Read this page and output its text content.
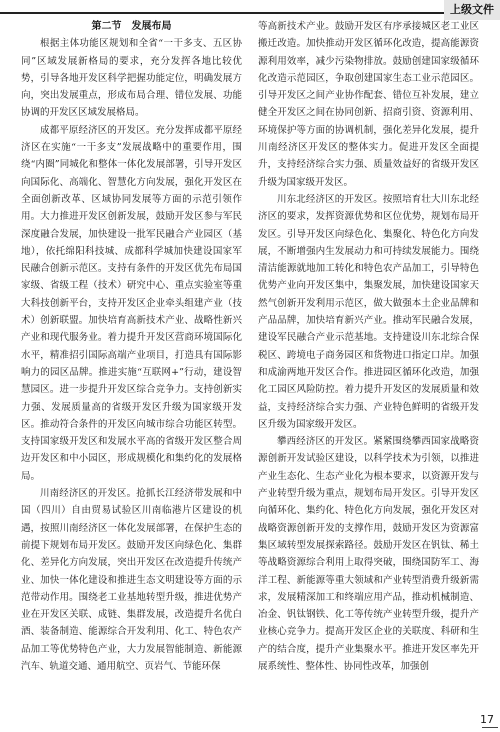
上级文件
第二节　发展布局

根据主体功能区规划和全省“一干多支、五区协同”区域发展新格局的要求，充分发挥各地比较优势，引导各地开发区科学把握功能定位，明确发展方向，突出发展重点，形成布局合理、错位发展、功能协调的开发区区域发展格局。

成都平原经济区的开发区。充分发挥成都平原经济区在实施“一干多支”发展战略中的重要作用，围绕“内圈”同城化和整体一体化发展部署，引导开发区向国际化、高端化、智慧化方向发展，强化开发区在全面创新改革、区域协同发展等方面的示范引领作用。大力推进开发区创新发展，鼓励开发区参与军民深度融合发展，加快建设一批军民融合产业园区（基地），依托绵阳科技城、成都科学城加快建设国家军民融合创新示范区。支持有条件的开发区优先布局国家级、省级工程（技术）研究中心、重点实验室等重大科技创新平台，支持开发区企业牵头组建产业（技术）创新联盟。加快培育高新技术产业、战略性新兴产业和现代服务业。着力提升开发区营商环境国际化水平，精准招引国际高端产业项目，打造具有国际影响力的园区品牌。推进实施“互联网+”行动，建设智慧园区。进一步提升开发区综合竞争力。支持创新实力强、发展质量高的省级开发区升级为国家级开发区。推动符合条件的开发区向城市综合功能区转型。支持国家级开发区和发展水平高的省级开发区整合周边开发区和中小园区，形成规模化和集约化的发展格局。

川南经济区的开发区。抢抓长江经济带发展和中国（四川）自由贸易试验区川南临港片区建设的机遇，按照川南经济区一体化发展部署，在保护生态的前提下规划布局开发区。鼓励开发区向绿色化、集群化、差异化方向发展，突出开发区在改造提升传统产业、加快一体化建设和推进生态文明建设等方面的示范带动作用。围绕老工业基地转型升级，推进优势产业在开发区关联、成链、集群发展，改造提升名优白酒、装备制造、能源综合开发利用、化工、特色农产品加工等优势特色产业，大力发展智能制造、新能源汽车、轨道交通、通用航空、页岩气、节能环保

等高新技术产业。鼓励开发区有序承接城区老工业区搬迁改造。加快推动开发区循环化改造，提高能源资源利用效率，减少污染物排放。鼓励创建国家级循环化改造示范园区，争取创建国家生态工业示范园区。引导开发区之间产业协作配套、错位互补发展，建立健全开发区之间在协同创新、招商引资、资源利用、环境保护等方面的协调机制，强化差异化发展，提升川南经济区开发区的整体实力。促进开发区全面提升，支持经济综合实力强、质量效益好的省级开发区升级为国家级开发区。

川东北经济区的开发区。按照培育壮大川东北经济区的要求，发挥资源优势和区位优势，规划布局开发区。引导开发区向绿色化、集聚化、特色化方向发展，不断增强内生发展动力和可持续发展能力。围绕清洁能源就地加工转化和特色农产品加工，引导特色优势产业向开发区集中，集聚发展，加快建设国家天然气创新开发利用示范区，做大做强本土企业品牌和产品品牌，加快培育新兴产业。推动军民融合发展，建设军民融合产业示范基地。支持建设川东北综合保税区、跨境电子商务园区和货物进口指定口岸。加强和成渝两地开发区合作。推进园区循环化改造，加强化工园区风险防控。着力提升开发区的发展质量和效益，支持经济综合实力强、产业特色鲜明的省级开发区升级为国家级开发区。

攀西经济区的开发区。紧紧围绕攀西国家战略资源创新开发试验区建设，以科学技术为引领，以推进产业生态化、生态产业化为根本要求，以资源开发与产业转型升级为重点，规划布局开发区。引导开发区向循环化、集约化、特色化方向发展，强化开发区对战略资源创新开发的支撑作用，鼓励开发区为资源富集区域转型发展探索路径。鼓励开发区在钒钛、稀土等战略资源综合利用上取得突破，围绕国防军工、海洋工程、新能源等重大领域和产业转型消费升级新需求，发展精深加工和终端应用产品，推动机械制造、冶金、钒钛钢铁、化工等传统产业转型升级，提升产业核心竞争力。提高开发区企业的关联度、科研和生产的结合度，提升产业集聚水平。推进开发区率先开展系统性、整体性、协同性改革，加强创

17
